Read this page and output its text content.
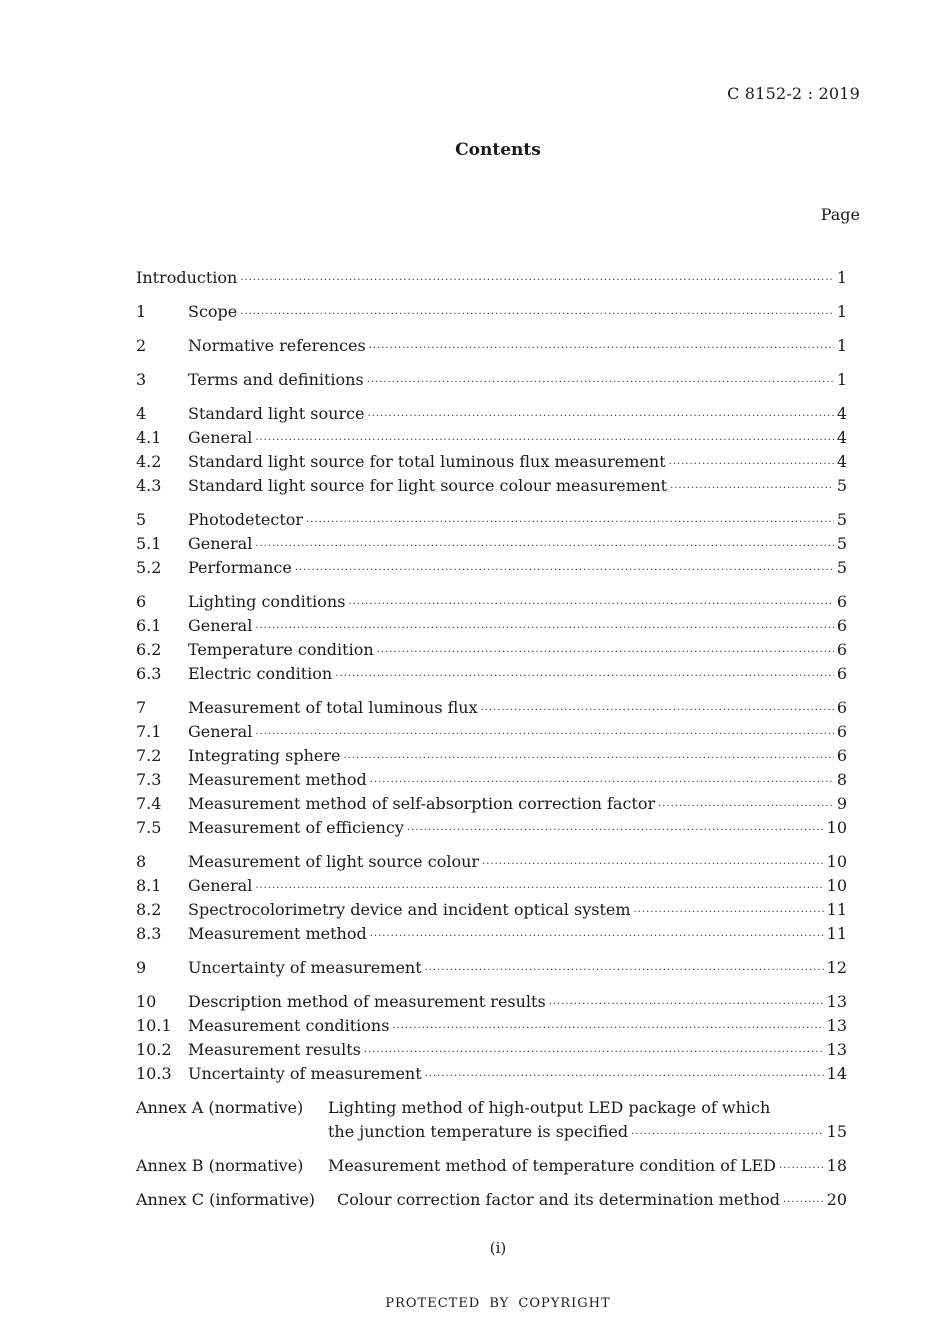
C 8152-2 : 2019
Contents
Page
Introduction ·····	1
1	Scope ·····	1
2	Normative references ·····	1
3	Terms and definitions ·····	1
4	Standard light source ·····	4
4.1	General ·····	4
4.2	Standard light source for total luminous flux measurement ·····	4
4.3	Standard light source for light source colour measurement ·····	5
5	Photodetector ·····	5
5.1	General ·····	5
5.2	Performance ·····	5
6	Lighting conditions ·····	6
6.1	General ·····	6
6.2	Temperature condition ·····	6
6.3	Electric condition ·····	6
7	Measurement of total luminous flux ·····	6
7.1	General ·····	6
7.2	Integrating sphere ·····	6
7.3	Measurement method ·····	8
7.4	Measurement method of self-absorption correction factor ·····	9
7.5	Measurement of efficiency ·····	10
8	Measurement of light source colour ·····	10
8.1	General ·····	10
8.2	Spectrocolorimetry device and incident optical system ·····	11
8.3	Measurement method ·····	11
9	Uncertainty of measurement ·····	12
10	Description method of measurement results ·····	13
10.1	Measurement conditions ·····	13
10.2	Measurement results ·····	13
10.3	Uncertainty of measurement ·····	14
Annex A (normative)	Lighting method of high-output LED package of which
the junction temperature is specified ·····	15
Annex B (normative)	Measurement method of temperature condition of LED ·····	18
Annex C (informative)	Colour correction factor and its determination method ·····	20
(i)
PROTECTED BY COPYRIGHT
